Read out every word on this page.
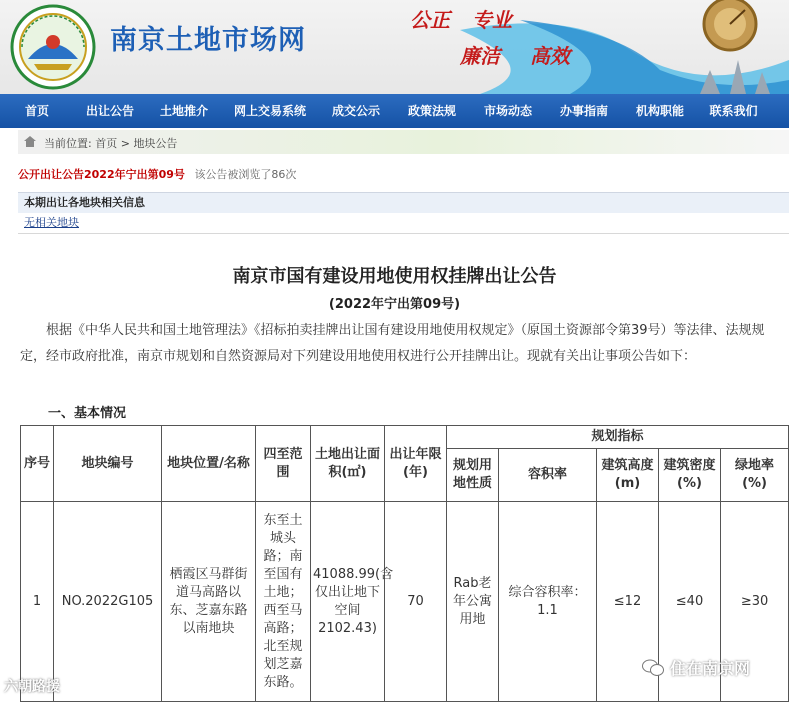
南京土地市场网
公正 专业
廉洁 高效
首页	出让公告	土地推介	网上交易系统	成交公示	政策法规	市场动态	办事指南	机构职能	联系我们
当前位置: 首页 > 地块公告
公开出让公告2022年宁出第09号 该公告被浏览了86次
本期出让各地块相关信息
无相关地块
南京市国有建设用地使用权挂牌出让公告
(2022年宁出第09号)
根据《中华人民共和国土地管理法》《招标拍卖挂牌出让国有建设用地使用权规定》（原国土资源部令第39号）等法律、法规规定，经市政府批准，南京市规划和自然资源局对下列建设用地使用权进行公开挂牌出让。现就有关出让事项公告如下：
一、基本情况
序号	地块编号	地块位置/名称	四至范围	土地出让面积(㎡)	出让年限(年)	规划指标				
						规划用地性质	容积率	建筑高度(m)	建筑密度(%)	绿地率(%)
1	NO.2022G105	栖霞区马群街道马高路以东、芝嘉东路以南地块	东至土城头路；南至国有土地；西至马高路；北至规划芝嘉东路。	41088.99(含仅出让地下空间2102.43)	70	Rab老年公寓用地	综合容积率：1.1	≤12	≤40	≥30
住在南京网
六朝路援
